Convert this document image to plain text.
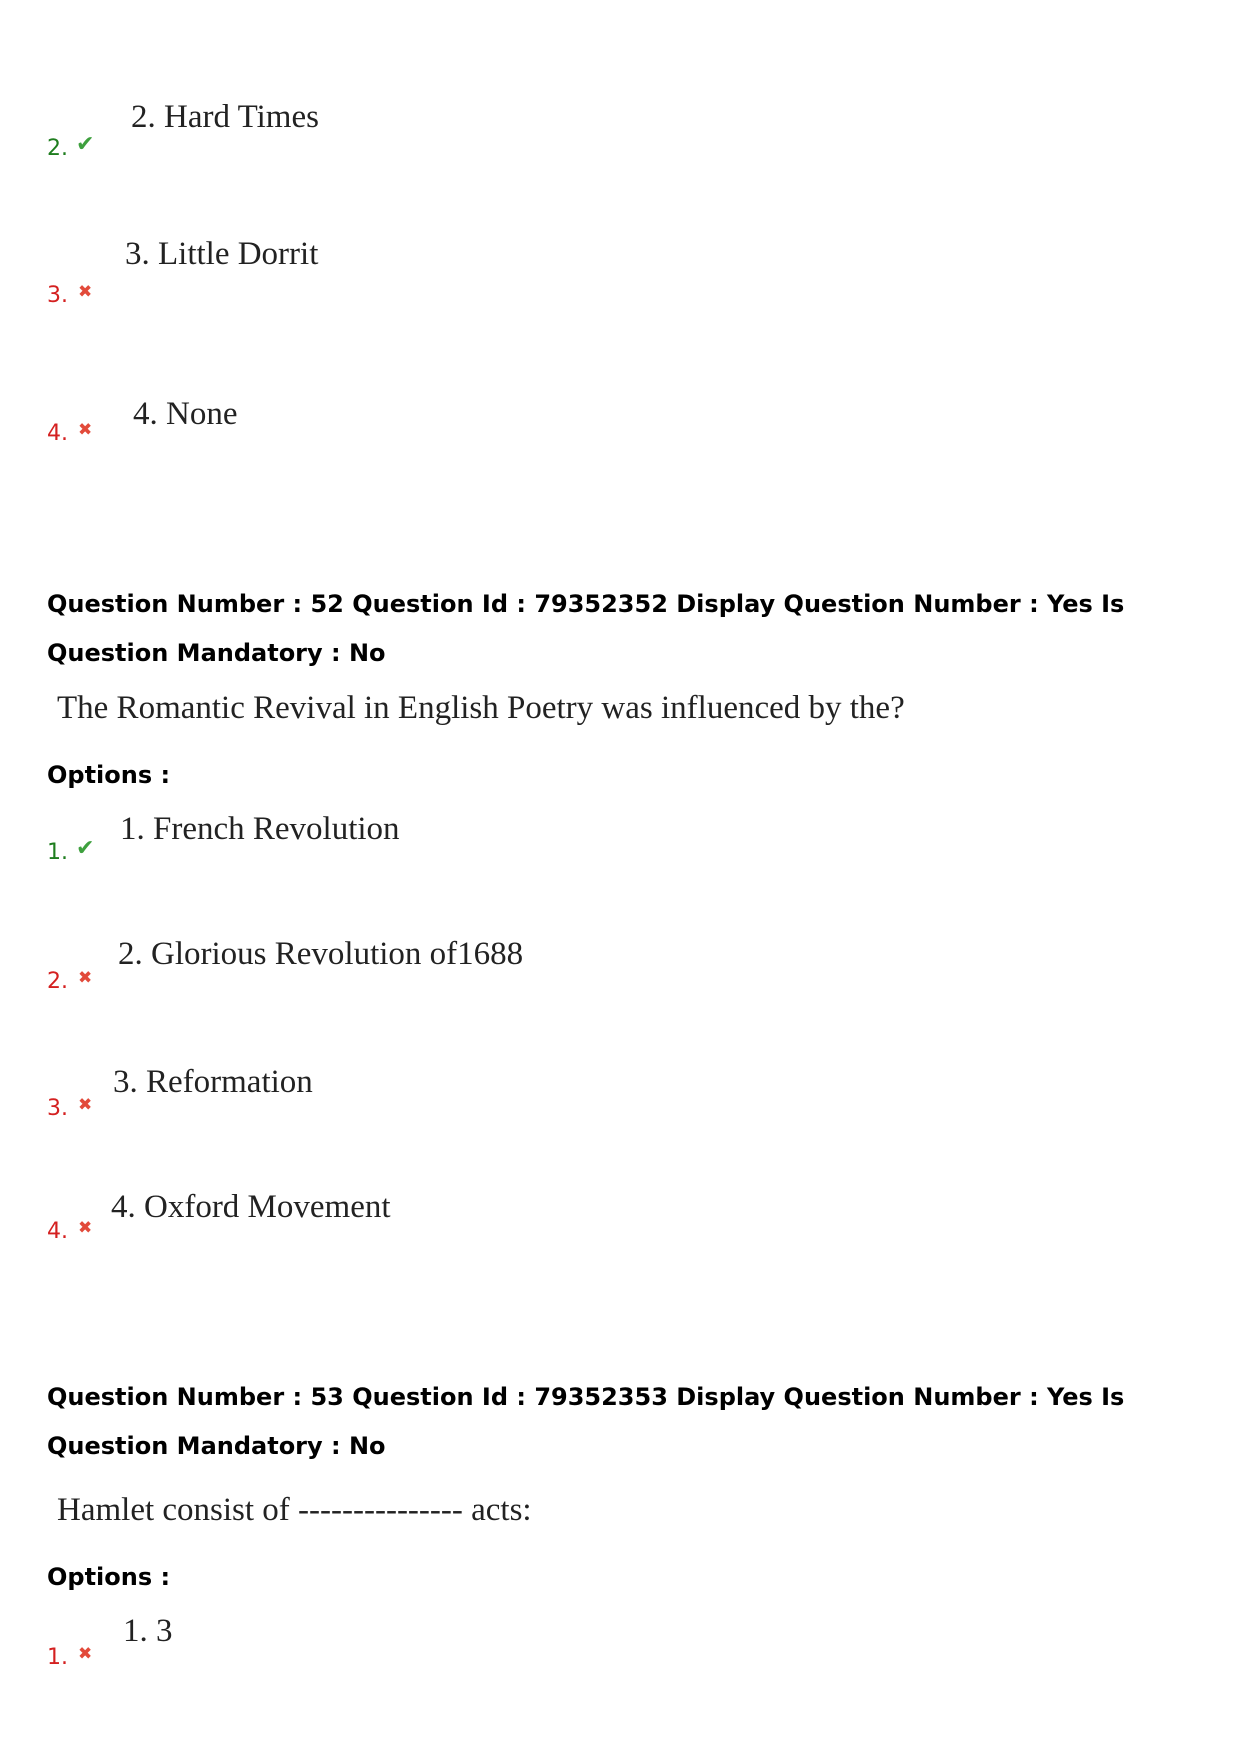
2. Hard Times
2. ✔
3. Little Dorrit
3. ✖
4. None
4. ✖
Question Number : 52 Question Id : 79352352 Display Question Number : Yes Is Question Mandatory : No
The Romantic Revival in English Poetry was influenced by the?
Options :
1. French Revolution
1. ✔
2. Glorious Revolution of1688
2. ✖
3. Reformation
3. ✖
4. Oxford Movement
4. ✖
Question Number : 53 Question Id : 79352353 Display Question Number : Yes Is Question Mandatory : No
Hamlet consist of --------------- acts:
Options :
1. 3
1. ✖
